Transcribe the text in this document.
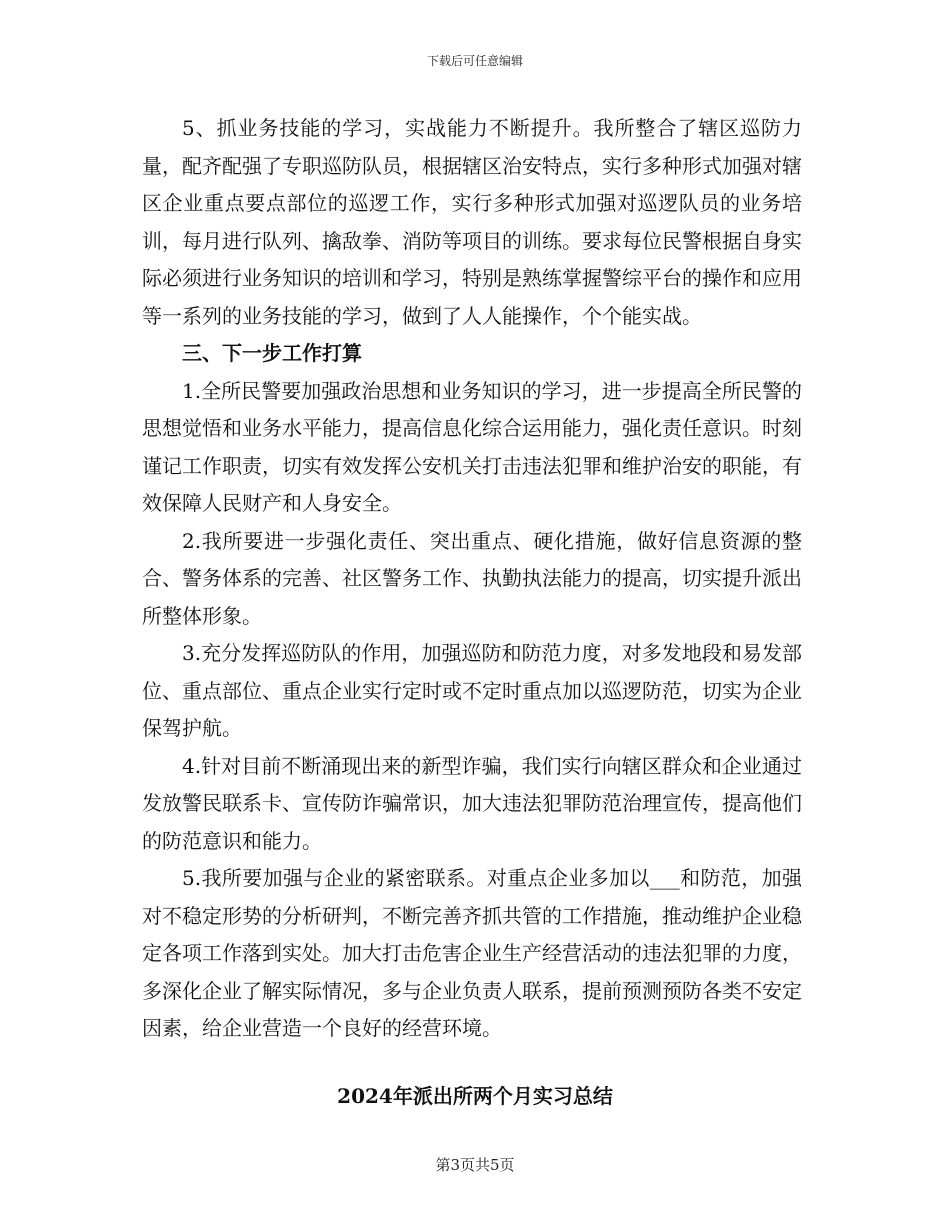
下载后可任意编辑

5、抓业务技能的学习，实战能力不断提升。我所整合了辖区巡防力量，配齐配强了专职巡防队员，根据辖区治安特点，实行多种形式加强对辖区企业重点要点部位的巡逻工作，实行多种形式加强对巡逻队员的业务培训，每月进行队列、擒敌拳、消防等项目的训练。要求每位民警根据自身实际必须进行业务知识的培训和学习，特别是熟练掌握警综平台的操作和应用等一系列的业务技能的学习，做到了人人能操作，个个能实战。

三、下一步工作打算

1.全所民警要加强政治思想和业务知识的学习，进一步提高全所民警的思想觉悟和业务水平能力，提高信息化综合运用能力，强化责任意识。时刻谨记工作职责，切实有效发挥公安机关打击违法犯罪和维护治安的职能，有效保障人民财产和人身安全。

2.我所要进一步强化责任、突出重点、硬化措施，做好信息资源的整合、警务体系的完善、社区警务工作、执勤执法能力的提高，切实提升派出所整体形象。

3.充分发挥巡防队的作用，加强巡防和防范力度，对多发地段和易发部位、重点部位、重点企业实行定时或不定时重点加以巡逻防范，切实为企业保驾护航。

4.针对目前不断涌现出来的新型诈骗，我们实行向辖区群众和企业通过发放警民联系卡、宣传防诈骗常识，加大违法犯罪防范治理宣传，提高他们的防范意识和能力。

5.我所要加强与企业的紧密联系。对重点企业多加以___和防范，加强对不稳定形势的分析研判，不断完善齐抓共管的工作措施，推动维护企业稳定各项工作落到实处。加大打击危害企业生产经营活动的违法犯罪的力度，多深化企业了解实际情况，多与企业负责人联系，提前预测预防各类不安定因素，给企业营造一个良好的经营环境。

2024年派出所两个月实习总结
第3页共5页
